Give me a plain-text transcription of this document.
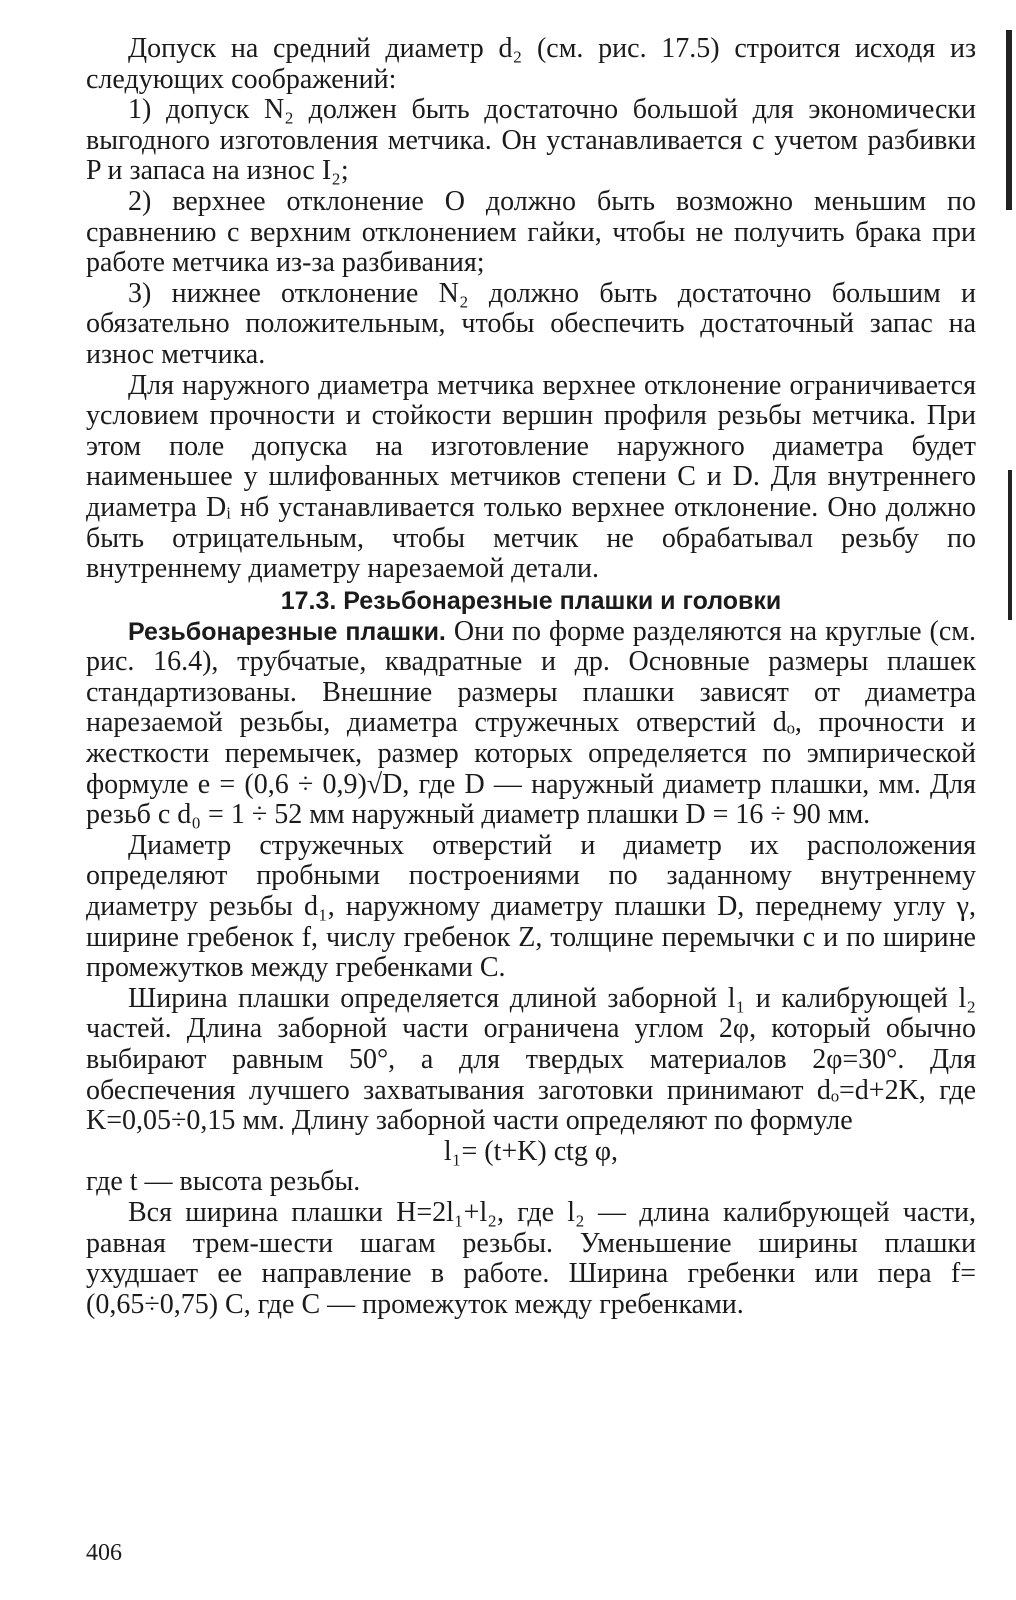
Допуск на средний диаметр d₂ (см. рис. 17.5) строится исходя из следующих соображений:

1) допуск N₂ должен быть достаточно большой для экономически выгодного изготовления метчика. Он устанавливается с учетом разбивки P и запаса на износ I₂;

2) верхнее отклонение O должно быть возможно меньшим по сравнению с верхним отклонением гайки, чтобы не получить брака при работе метчика из-за разбивания;

3) нижнее отклонение N₂ должно быть достаточно большим и обязательно положительным, чтобы обеспечить достаточный запас на износ метчика.

Для наружного диаметра метчика верхнее отклонение ограничивается условием прочности и стойкости вершин профиля резьбы метчика. При этом поле допуска на изготовление наружного диаметра будет наименьшее у шлифованных метчиков степени C и D. Для внутреннего диаметра Dᵢ нб устанавливается только верхнее отклонение. Оно должно быть отрицательным, чтобы метчик не обрабатывал резьбу по внутреннему диаметру нарезаемой детали.

17.3. Резьбонарезные плашки и головки

Резьбонарезные плашки. Они по форме разделяются на круглые (см. рис. 16.4), трубчатые, квадратные и др. Основные размеры плашек стандартизованы. Внешние размеры плашки зависят от диаметра нарезаемой резьбы, диаметра стружечных отверстий dₒ, прочности и жесткости перемычек, размер которых определяется по эмпирической формуле e = (0,6 ÷ 0,9)√D, где D — наружный диаметр плашки, мм. Для резьб с d₀ = 1 ÷ 52 мм наружный диаметр плашки D = 16 ÷ 90 мм.

Диаметр стружечных отверстий и диаметр их расположения определяют пробными построениями по заданному внутреннему диаметру резьбы d₁, наружному диаметру плашки D, переднему углу γ, ширине гребенок f, числу гребенок Z, толщине перемычки c и по ширине промежутков между гребенками C.

Ширина плашки определяется длиной заборной l₁ и калибрующей l₂ частей. Длина заборной части ограничена углом 2φ, который обычно выбирают равным 50°, а для твердых материалов 2φ=30°. Для обеспечения лучшего захватывания заготовки принимают dₒ=d+2K, где K=0,05÷0,15 мм. Длину заборной части определяют по формуле

l₁= (t+K) ctg φ,

где t — высота резьбы.

Вся ширина плашки H=2l₁+l₂, где l₂ — длина калибрующей части, равная трем-шести шагам резьбы. Уменьшение ширины плашки ухудшает ее направление в работе. Ширина гребенки или пера f= (0,65÷0,75) C, где C — промежуток между гребенками.

406
